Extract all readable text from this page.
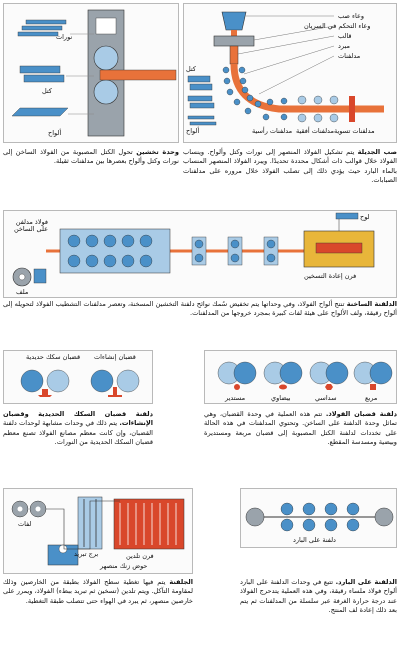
وعاء صب
وعاء التحكم في السريان
قالب
مبرد
مدلفنات
كتل
ألواح	مدلفنات رأسية مدلفنات أفقية مدلفنات تسوية
نورات
كتل
ألواح
صب الجديلة يتم تشكيل الفولاذ المنصهر إلى نورات وكتل وألواح. وينساب الفولاذ خلال قوالب ذات أشكال محددة تحديدًا. ويبرد الفولاذ المنصهر المنساب بالماء البارد حيث يؤدي ذلك إلى تصلب الفولاذ خلال مروره على مدلفنات الصبابات.
وحدة تخشين تحول الكتل المصبوبة من الفولاذ الساخن إلى نورات وكتل وألواح بعصرها بين مدلفنات ثقيلة.
فولاذ مدلفن على الساخن
ملف
فرن إعادة التسخين
لوح
الدلفنة الساخنة تنتج ألواح الفولاذ، وفي وحداتها يتم تخفيض سُمك نوائح دلفنة التخشين المسخنة، وتعصر مدلفنات التشطيب الفولاذ لتحويله إلى ألواح رقيقة، ولف الألواح على هيئة لفات كبيرة بمجرد خروجها من المدلفنات.
قضبان سكك حديدية قضبان إنشاءات
دلفنة قضبان السكك الحديدية وقضبان الإنشاءات. يتم ذلك في وحدات مشابهة لوحدات دلفنة القضبان، وإن كانت معظم مصانع الفولاذ تصنع معظم قضبان السكك الحديدية من النورات.
مستدير	بيضاوي	سداسي	مربع
دلفنة قضبان الفولاذ. تتم هذه العملية في وحدة القضبان، وهي تماثل وحدة الدلفنة على الساخن. وتحتوي المدلفنات في هذه الحالة على تخددات لدلفنة الكتل المصبوبة إلى قضبان مربعة ومستديرة وبيضية ومسدسة المقطع.
لفات
برج تبريد
حوض زنك منصهر
فرن تلدين
الجلفنة يتم فيها تغطية سطح الفولاذ بطبقة من الخارصين وذلك لمقاومة التآكل. ويتم تلدين (تسخين ثم تبريد ببطء) الفولاذ، ويمرر على خارصين منصهر، ثم يبرد في الهواء حتى تتصلب طبقة التغطية.
دلفنة على البارد
الدلفنة على البارد. تتبع في وحدات الدلفنة على البارد ألواح فولاذ ملساء رقيقة، وفي هذه العملية يتدحرج الفولاذ عند درجة حرارة الغرفة عبر سلسلة من المدلفنات ثم يتم بعد ذلك إعادة لف المنتج.
